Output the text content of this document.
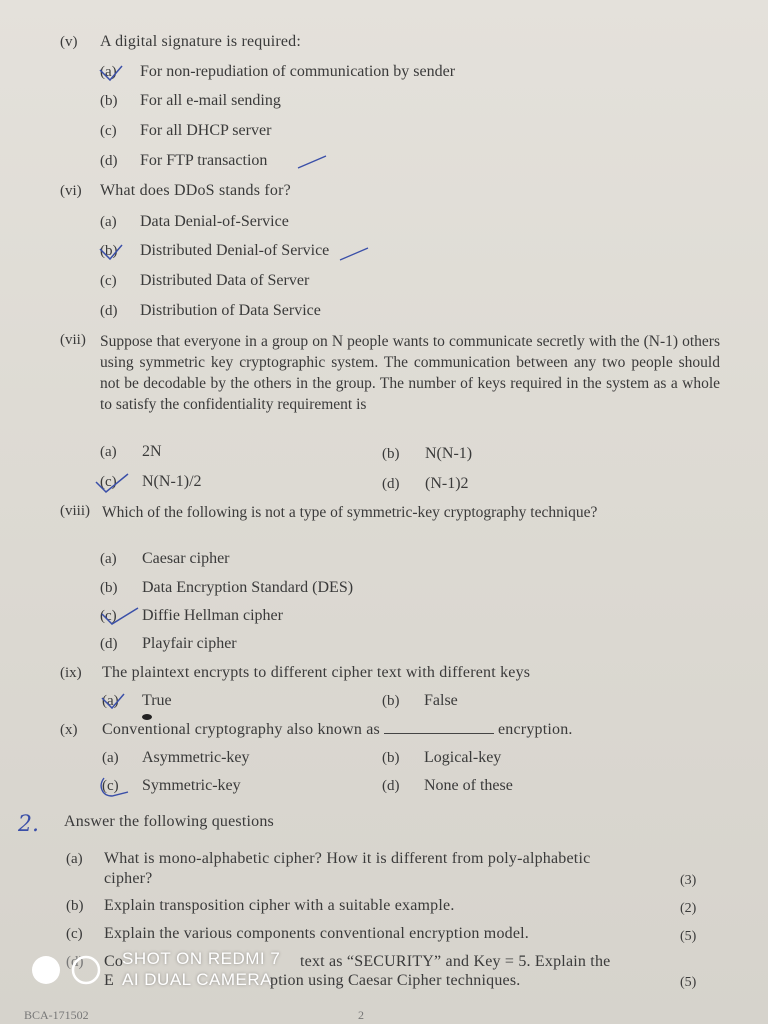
(v) A digital signature is required:
(a) For non-repudiation of communication by sender
(b) For all e-mail sending
(c) For all DHCP server
(d) For FTP transaction
(vi) What does DDoS stands for?
(a) Data Denial-of-Service
(b) Distributed Denial-of Service
(c) Distributed Data of Server
(d) Distribution of Data Service
(vii) Suppose that everyone in a group on N people wants to communicate secretly with the (N-1) others using symmetric key cryptographic system. The communication between any two people should not be decodable by the others in the group. The number of keys required in the system as a whole to satisfy the confidentiality requirement is
(a) 2N	(b) N(N-1)
(c) N(N-1)/2	(d) (N-1)2
(viii) Which of the following is not a type of symmetric-key cryptography technique?
(a) Caesar cipher
(b) Data Encryption Standard (DES)
(c) Diffie Hellman cipher
(d) Playfair cipher
(ix) The plaintext encrypts to different cipher text with different keys
(a) True	(b) False
(x) Conventional cryptography also known as	encryption.
(a) Asymmetric-key	(b) Logical-key
(c) Symmetric-key	(d) None of these
2. Answer the following questions
(a) What is mono-alphabetic cipher? How it is different from poly-alphabetic
cipher?	(3)
(b) Explain transposition cipher with a suitable example.	(2)
(c) Explain the various components conventional encryption model.	(5)
(d) Co	text as “SECURITY” and Key = 5. Explain the
E	ption using Caesar Cipher techniques.	(5)
BCA-171502	2
SHOT ON REDMI 7
AI DUAL CAMERA
